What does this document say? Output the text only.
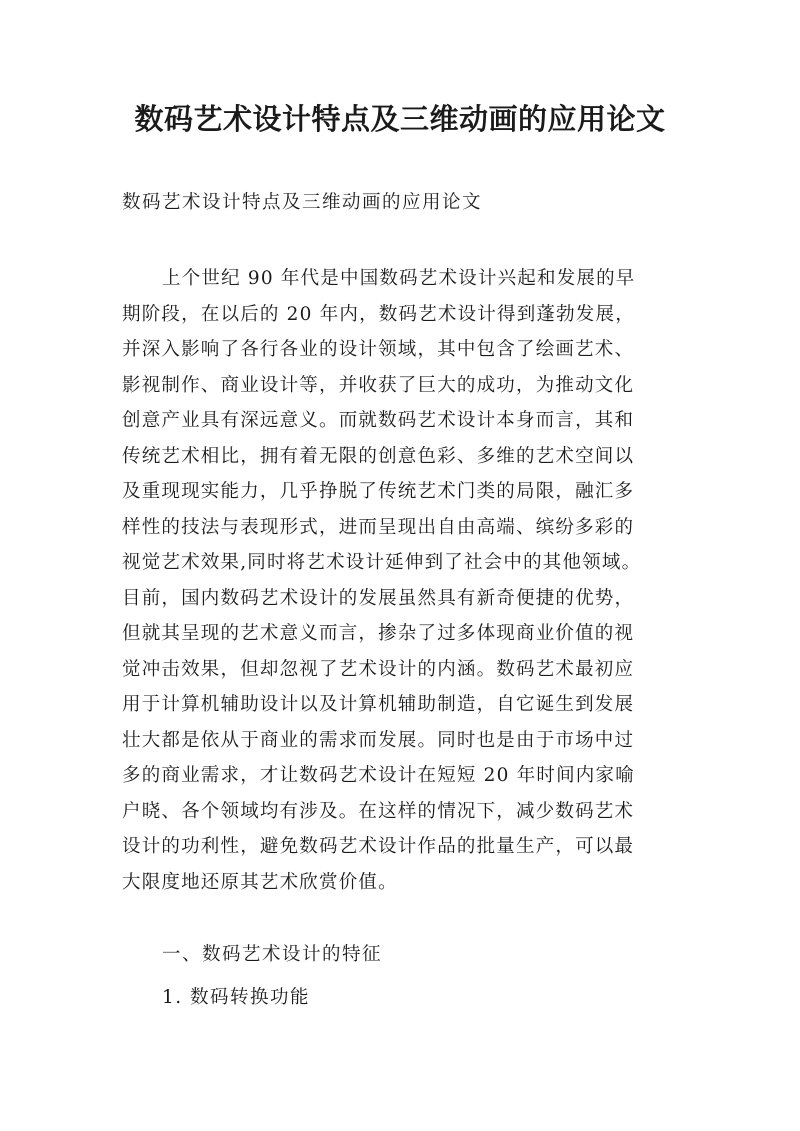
数码艺术设计特点及三维动画的应用论文

数码艺术设计特点及三维动画的应用论文

上个世纪 90 年代是中国数码艺术设计兴起和发展的早
期阶段，在以后的 20 年内，数码艺术设计得到蓬勃发展，
并深入影响了各行各业的设计领域，其中包含了绘画艺术、
影视制作、商业设计等，并收获了巨大的成功，为推动文化
创意产业具有深远意义。而就数码艺术设计本身而言，其和
传统艺术相比，拥有着无限的创意色彩、多维的艺术空间以
及重现现实能力，几乎挣脱了传统艺术门类的局限，融汇多
样性的技法与表现形式，进而呈现出自由高端、缤纷多彩的
视觉艺术效果,同时将艺术设计延伸到了社会中的其他领域。
目前，国内数码艺术设计的发展虽然具有新奇便捷的优势，
但就其呈现的艺术意义而言，掺杂了过多体现商业价值的视
觉冲击效果，但却忽视了艺术设计的内涵。数码艺术最初应
用于计算机辅助设计以及计算机辅助制造，自它诞生到发展
壮大都是依从于商业的需求而发展。同时也是由于市场中过
多的商业需求，才让数码艺术设计在短短 20 年时间内家喻
户晓、各个领域均有涉及。在这样的情况下，减少数码艺术
设计的功利性，避免数码艺术设计作品的批量生产，可以最
大限度地还原其艺术欣赏价值。

一、数码艺术设计的特征

1. 数码转换功能
